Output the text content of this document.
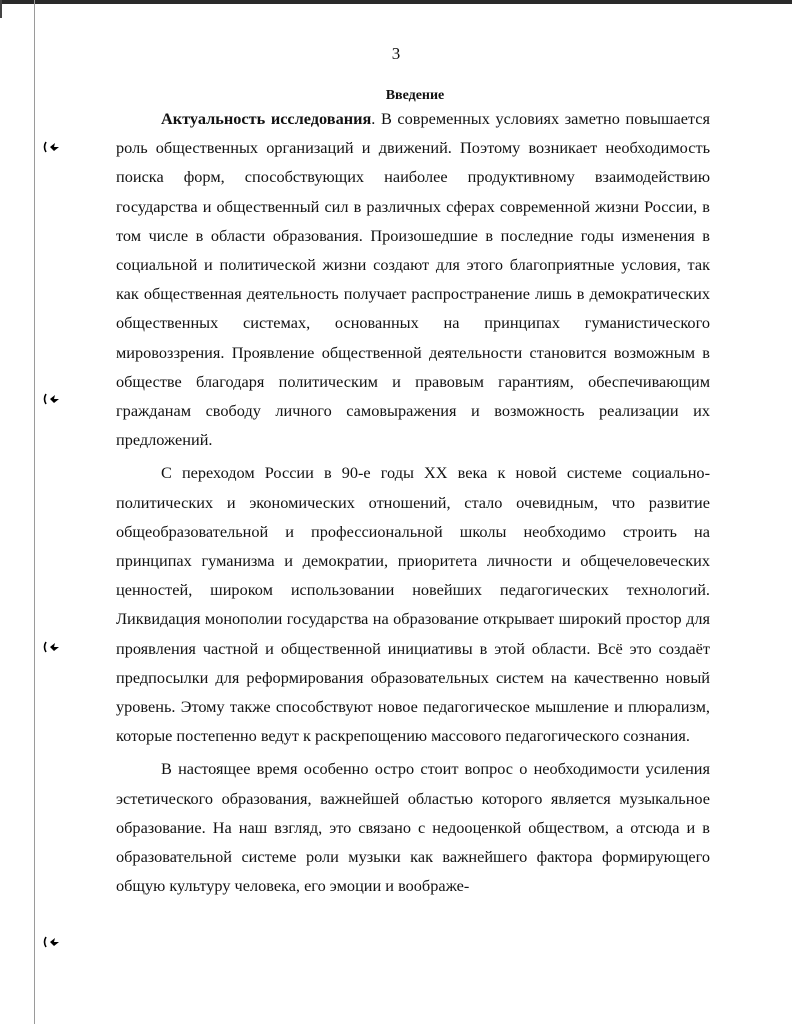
3
Введение

Актуальность исследования. В современных условиях заметно повышается роль общественных организаций и движений. Поэтому возникает необходимость поиска форм, способствующих наиболее продуктивному взаимодействию государства и общественный сил в различных сферах современной жизни России, в том числе в области образования. Произошедшие в последние годы изменения в социальной и политической жизни создают для этого благоприятные условия, так как общественная деятельность получает распространение лишь в демократических общественных системах, основанных на принципах гуманистического мировоззрения. Проявление общественной деятельности становится возможным в обществе благодаря политическим и правовым гарантиям, обеспечивающим гражданам свободу личного самовыражения и возможность реализации их предложений.

С переходом России в 90-е годы XX века к новой системе социально-политических и экономических отношений, стало очевидным, что развитие общеобразовательной и профессиональной школы необходимо строить на принципах гуманизма и демократии, приоритета личности и общечеловеческих ценностей, широком использовании новейших педагогических технологий. Ликвидация монополии государства на образование открывает широкий простор для проявления частной и общественной инициативы в этой области. Всё это создаёт предпосылки для реформирования образовательных систем на качественно новый уровень. Этому также способствуют новое педагогическое мышление и плюрализм, которые постепенно ведут к раскрепощению массового педагогического сознания.

В настоящее время особенно остро стоит вопрос о необходимости усиления эстетического образования, важнейшей областью которого является музыкальное образование. На наш взгляд, это связано с недооценкой обществом, а отсюда и в образовательной системе роли музыки как важнейшего фактора формирующего общую культуру человека, его эмоции и воображе-
